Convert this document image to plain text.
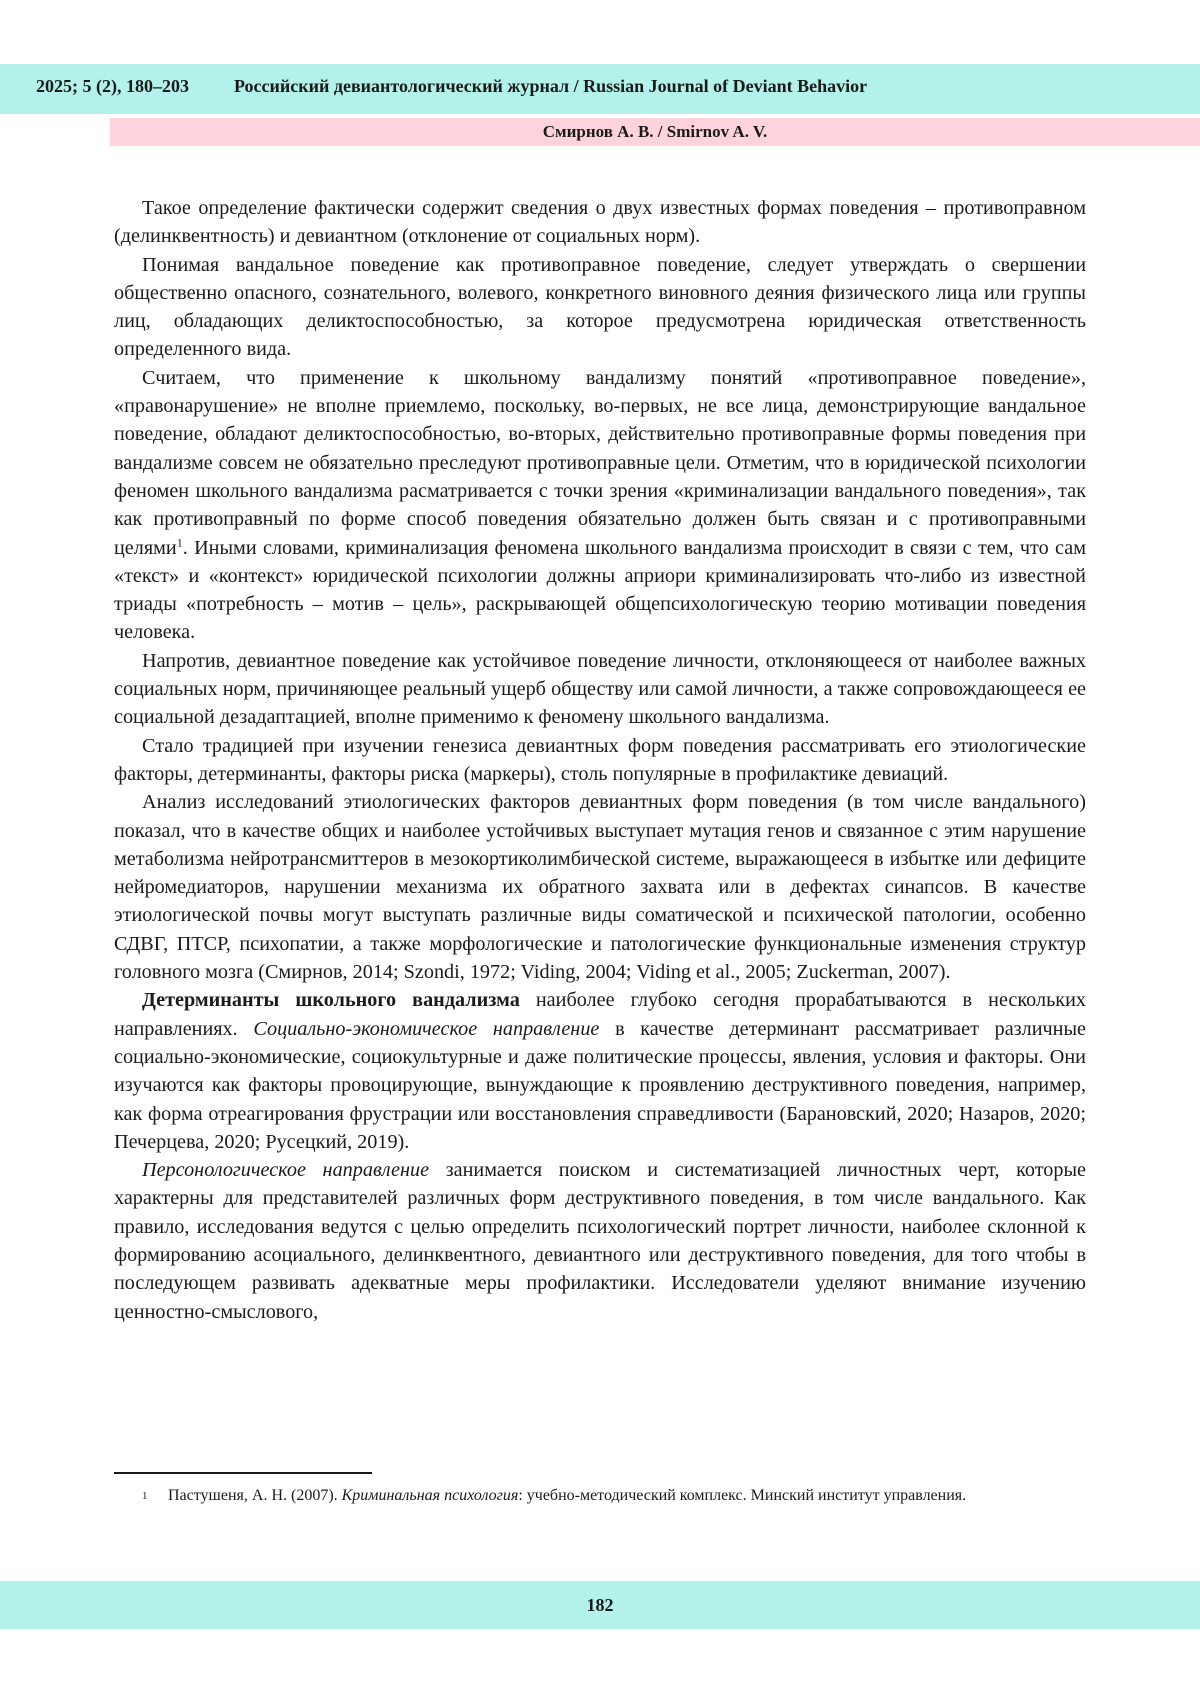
2025; 5 (2), 180–203	Российский девиантологический журнал / Russian Journal of Deviant Behavior
Смирнов А. В. / Smirnov A. V.

Такое определение фактически содержит сведения о двух известных формах поведения – противоправном (делинквентность) и девиантном (отклонение от социальных норм).

Понимая вандальное поведение как противоправное поведение, следует утверждать о свершении общественно опасного, сознательного, волевого, конкретного виновного деяния физического лица или группы лиц, обладающих деликтоспособностью, за которое предусмотрена юридическая ответственность определенного вида.

Считаем, что применение к школьному вандализму понятий «противоправное поведение», «правонарушение» не вполне приемлемо, поскольку, во-первых, не все лица, демонстрирующие вандальное поведение, обладают деликтоспособностью, во-вторых, действительно противоправные формы поведения при вандализме совсем не обязательно преследуют противоправные цели. Отметим, что в юридической психологии феномен школьного вандализма расматривается с точки зрения «криминализации вандального поведения», так как противоправный по форме способ поведения обязательно должен быть связан и с противоправными целями$^1$. Иными словами, криминализация феномена школьного вандализма происходит в связи с тем, что сам «текст» и «контекст» юридической психологии должны априори криминализировать что-либо из известной триады «потребность – мотив – цель», раскрывающей общепсихологическую теорию мотивации поведения человека.

Напротив, девиантное поведение как устойчивое поведение личности, отклоняющееся от наиболее важных социальных норм, причиняющее реальный ущерб обществу или самой личности, а также сопровождающееся ее социальной дезадаптацией, вполне применимо к феномену школьного вандализма.

Стало традицией при изучении генезиса девиантных форм поведения рассматривать его этиологические факторы, детерминанты, факторы риска (маркеры), столь популярные в профилактике девиаций.

Анализ исследований этиологических факторов девиантных форм поведения (в том числе вандального) показал, что в качестве общих и наиболее устойчивых выступает мутация генов и связанное с этим нарушение метаболизма нейротрансмиттеров в мезокортиколимбической системе, выражающееся в избытке или дефиците нейромедиаторов, нарушении механизма их обратного захвата или в дефектах синапсов. В качестве этиологической почвы могут выступать различные виды соматической и психической патологии, особенно СДВГ, ПТСР, психопатии, а также морфологические и патологические функциональные изменения структур головного мозга (Смирнов, 2014; Szondi, 1972; Viding, 2004; Viding et al., 2005; Zuckerman, 2007).

Детерминанты школьного вандализма наиболее глубоко сегодня прорабатываются в нескольких направлениях. Социально-экономическое направление в качестве детерминант рассматривает различные социально-экономические, социокультурные и даже политические процессы, явления, условия и факторы. Они изучаются как факторы провоцирующие, вынуждающие к проявлению деструктивного поведения, например, как форма отреагирования фрустрации или восстановления справедливости (Барановский, 2020; Назаров, 2020; Печерцева, 2020; Русецкий, 2019).

Персонологическое направление занимается поиском и систематизацией личностных черт, которые характерны для представителей различных форм деструктивного поведения, в том числе вандального. Как правило, исследования ведутся с целью определить психологический портрет личности, наиболее склонной к формированию асоциального, делинквентного, девиантного или деструктивного поведения, для того чтобы в последующем развивать адекватные меры профилактики. Исследователи уделяют внимание изучению ценностно-смыслового,

1 Пастушеня, А. Н. (2007). Криминальная психология: учебно-методический комплекс. Минский институт управления.
182
